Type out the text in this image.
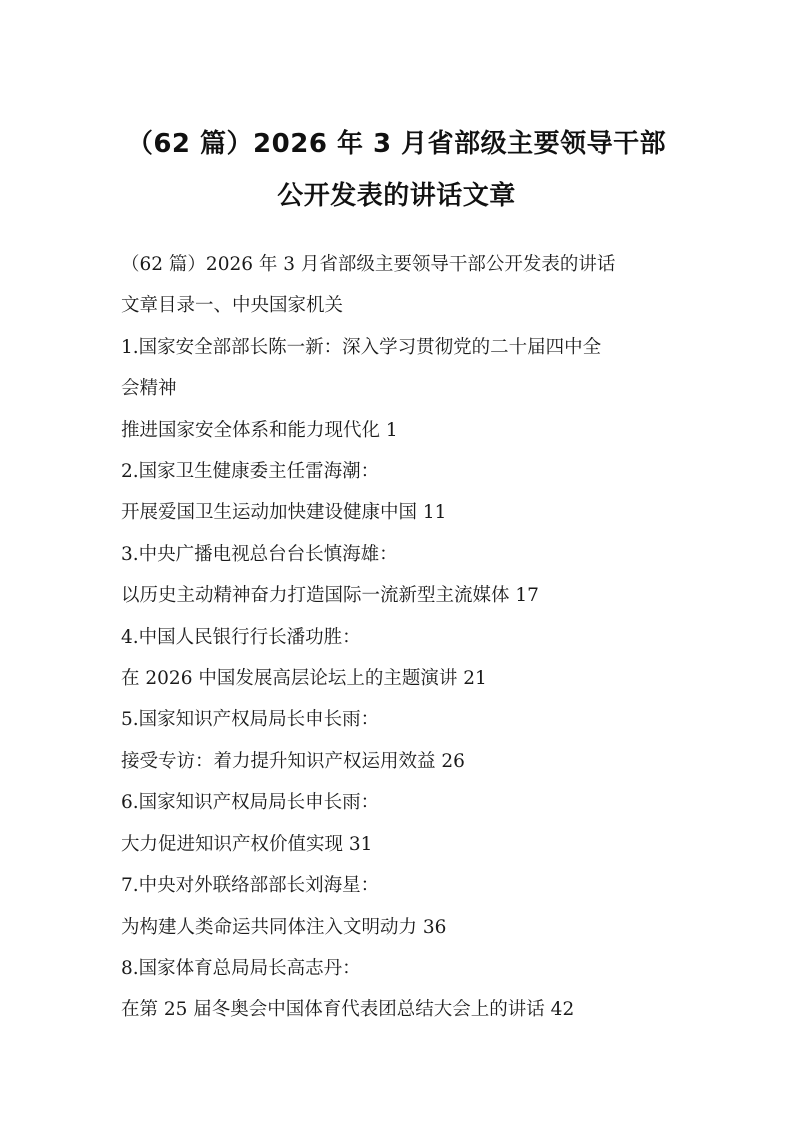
（62 篇）2026 年 3 月省部级主要领导干部
公开发表的讲话文章

（62 篇）2026 年 3 月省部级主要领导干部公开发表的讲话

文章目录一、中央国家机关

1.国家安全部部长陈一新：深入学习贯彻党的二十届四中全

会精神

推进国家安全体系和能力现代化 1

2.国家卫生健康委主任雷海潮：

开展爱国卫生运动加快建设健康中国 11

3.中央广播电视总台台长慎海雄：

以历史主动精神奋力打造国际一流新型主流媒体 17

4.中国人民银行行长潘功胜：

在 2026 中国发展高层论坛上的主题演讲 21

5.国家知识产权局局长申长雨：

接受专访：着力提升知识产权运用效益 26

6.国家知识产权局局长申长雨：

大力促进知识产权价值实现 31

7.中央对外联络部部长刘海星：

为构建人类命运共同体注入文明动力 36

8.国家体育总局局长高志丹：

在第 25 届冬奥会中国体育代表团总结大会上的讲话 42
